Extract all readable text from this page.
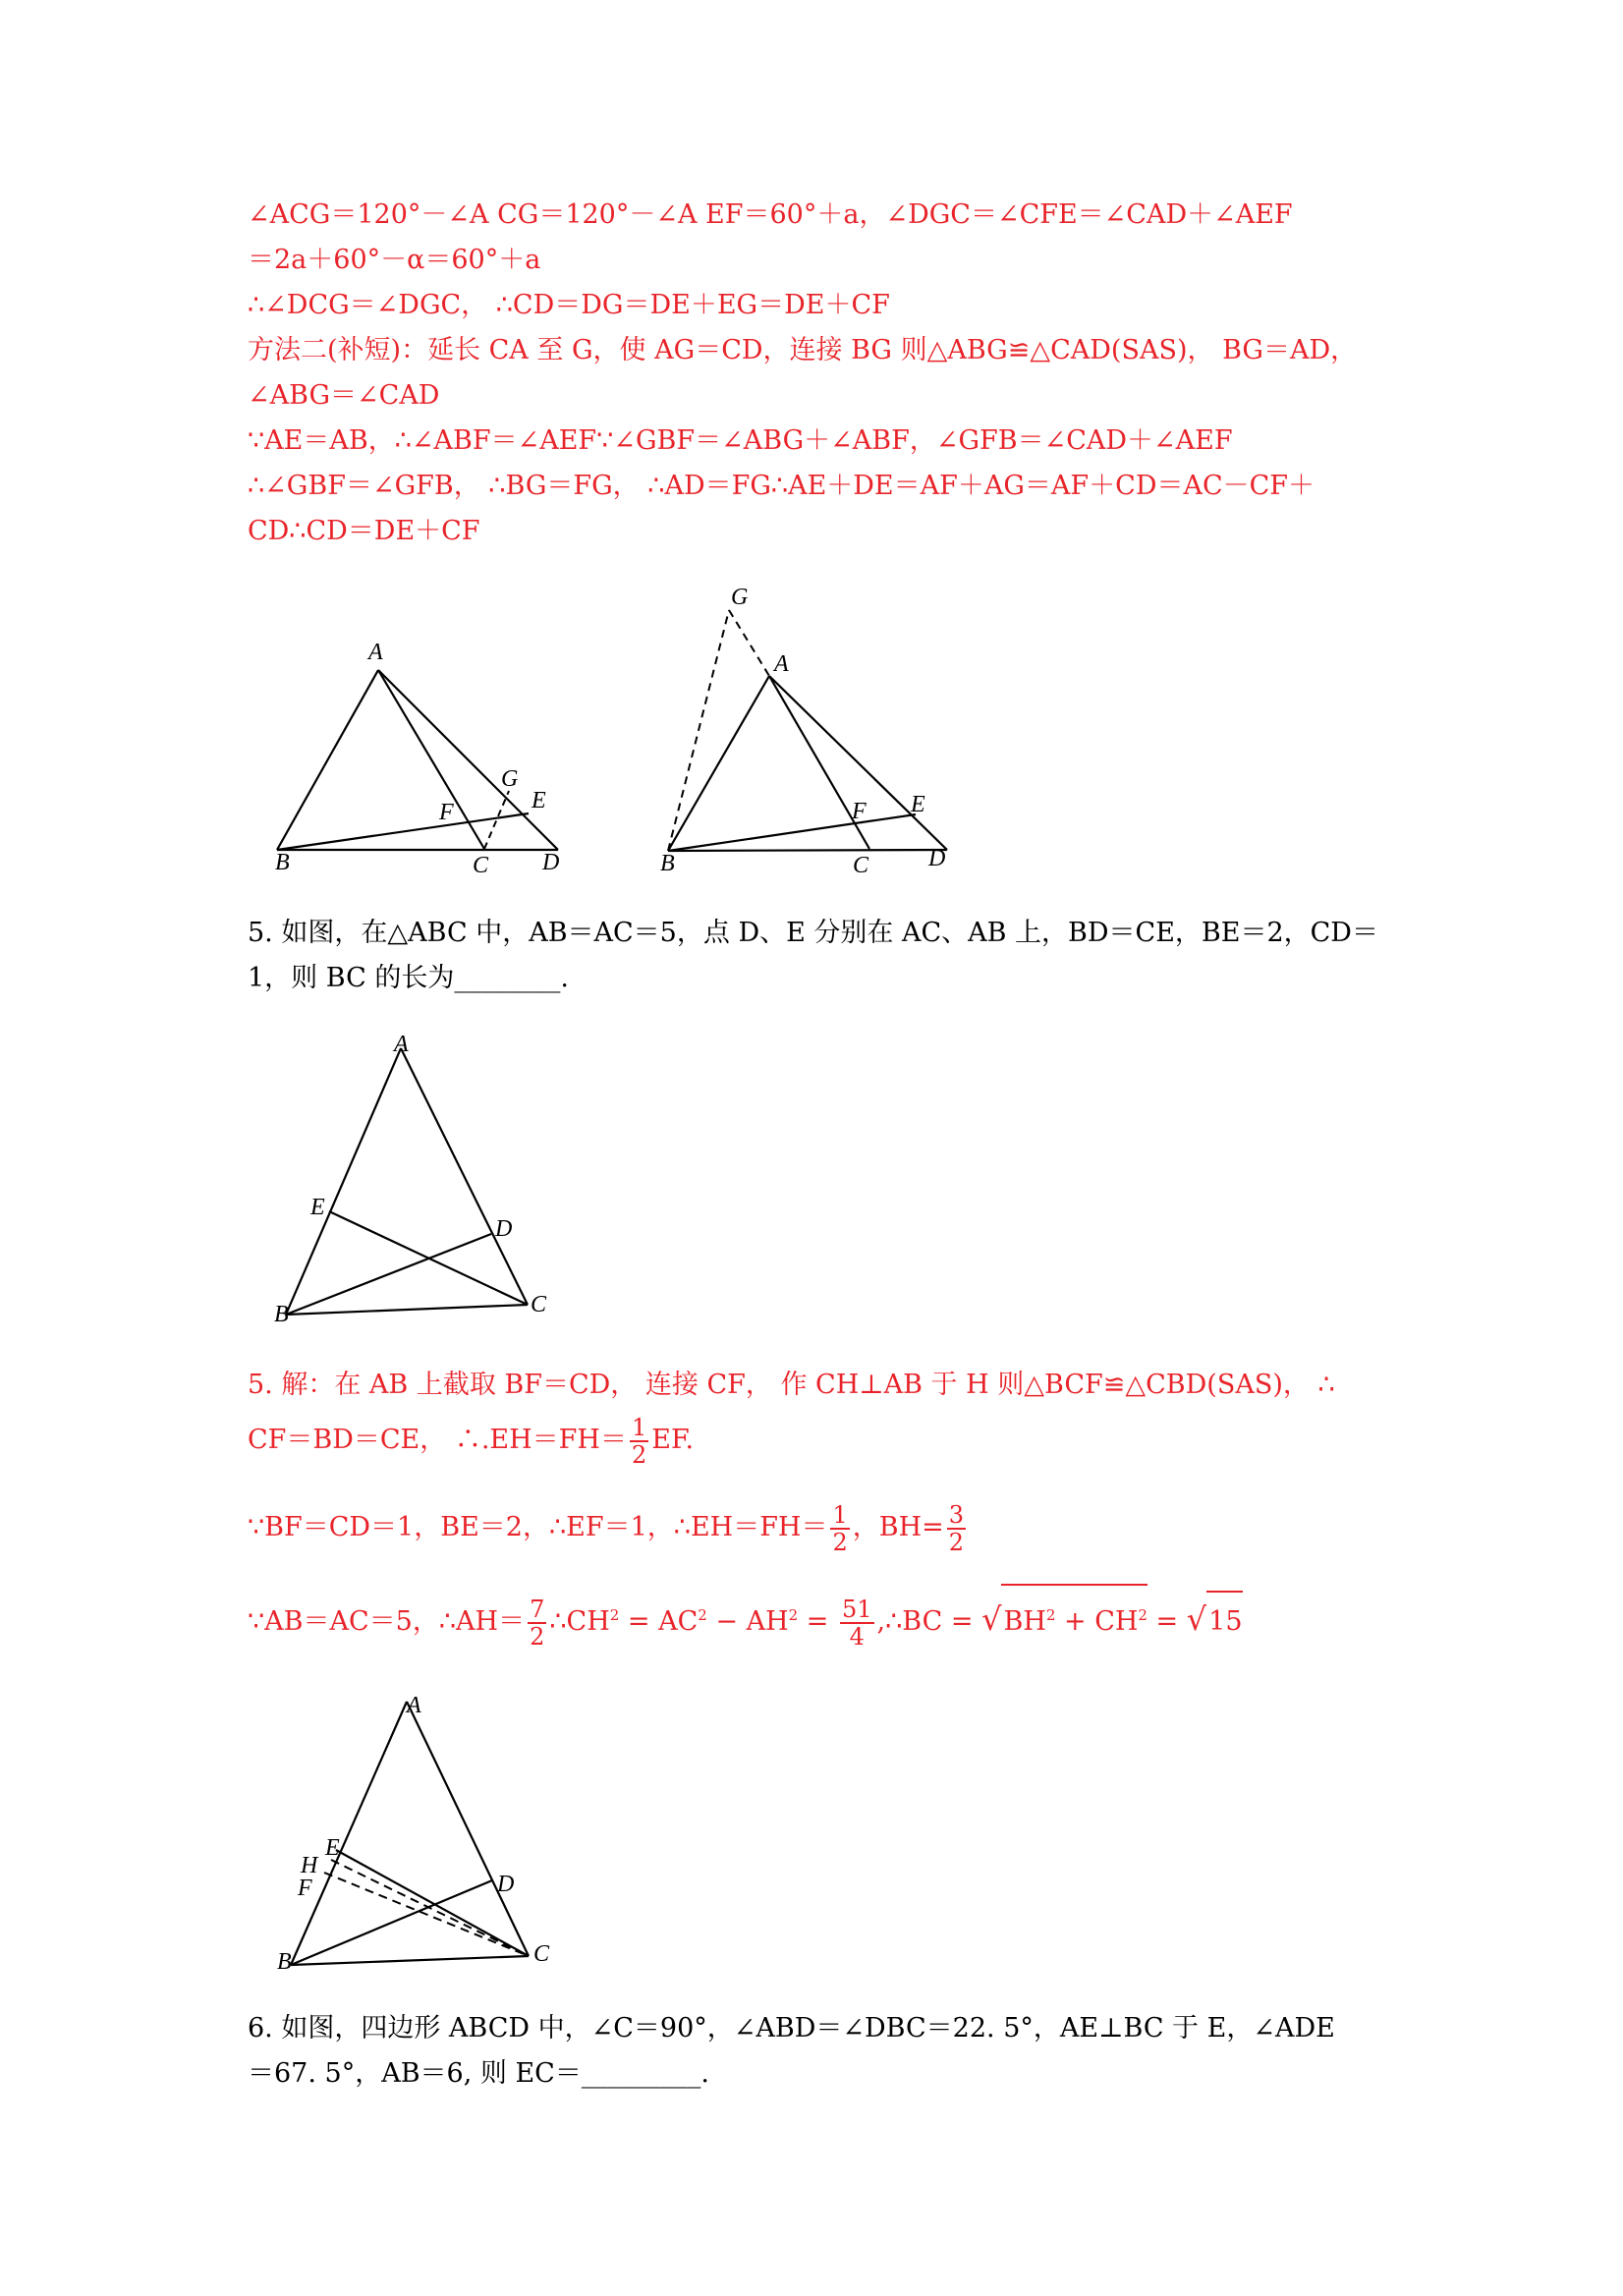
∠ACG＝120°－∠A CG＝120°－∠A EF＝60°＋a，∠DGC＝∠CFE＝∠CAD＋∠AEF
＝2a＋60°－α＝60°＋a
∴∠DCG＝∠DGC， ∴CD＝DG＝DE＋EG＝DE＋CF
方法二(补短)：延长 CA 至 G，使 AG＝CD，连接 BG 则△ABG≌△CAD(SAS)， BG＝AD，
∠ABG＝∠CAD
∵AE＝AB，∴∠ABF＝∠AEF∵∠GBF＝∠ABG＋∠ABF，∠GFB＝∠CAD＋∠AEF
∴∠GBF＝∠GFB， ∴BG＝FG， ∴AD＝FG∴AE＋DE＝AF＋AG＝AF＋CD＝AC－CF＋
CD∴CD＝DE＋CF
A
B	C D
E
F
G
G
A
B	C	D
E
F
5. 如图，在△ABC 中，AB＝AC＝5，点 D、E 分别在 AC、AB 上，BD＝CE，BE＝2，CD＝
1，则 BC 的长为________.
A
E
D
B	C
5. 解：在 AB 上截取 BF＝CD， 连接 CF， 作 CH⊥AB 于 H 则△BCF≌△CBD(SAS)， ∴
CF＝BD＝CE， ∴.EH＝FH＝ $\frac{1}{2}$ EF.
∵BF＝CD＝1，BE＝2，∴EF＝1，∴EH＝FH＝ $\frac{1}{2}$ ，$BH= \frac{3}{2}$
∵AB＝AC＝5，∴AH＝ $\frac{7}{2}$ $\therefore CH^2 = AC^2 - AH^2 = \frac{51}{4}$ ,∴BC = $√BH^2 + CH^2 = √15$
A
E
H
F	D
B	C
6. 如图，四边形 ABCD 中，∠C＝90°，∠ABD＝∠DBC＝22. 5°，AE⊥BC 于 E，∠ADE
＝67. 5°，AB＝6, 则 EC＝_________.
